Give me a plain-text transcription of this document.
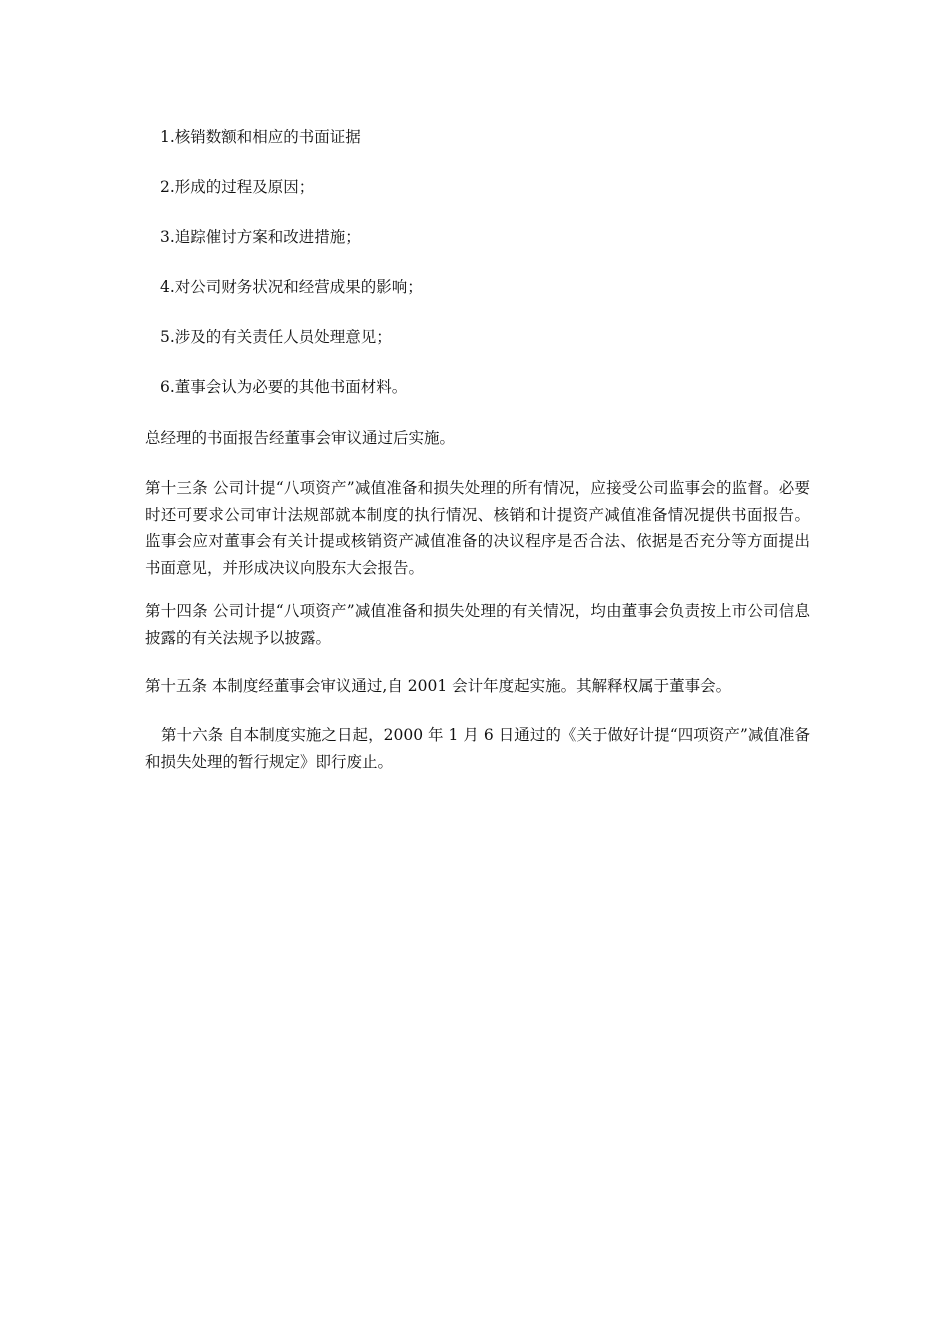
1.核销数额和相应的书面证据
2.形成的过程及原因；
3.追踪催讨方案和改进措施；
4.对公司财务状况和经营成果的影响；
5.涉及的有关责任人员处理意见；
6.董事会认为必要的其他书面材料。
总经理的书面报告经董事会审议通过后实施。
第十三条 公司计提“八项资产”减值准备和损失处理的所有情况，应接受公司监事会的监督。必要时还可要求公司审计法规部就本制度的执行情况、核销和计提资产减值准备情况提供书面报告。监事会应对董事会有关计提或核销资产减值准备的决议程序是否合法、依据是否充分等方面提出书面意见，并形成决议向股东大会报告。
第十四条 公司计提“八项资产”减值准备和损失处理的有关情况，均由董事会负责按上市公司信息披露的有关法规予以披露。
第十五条 本制度经董事会审议通过,自 2001 会计年度起实施。其解释权属于董事会。
第十六条 自本制度实施之日起，2000 年 1 月 6 日通过的《关于做好计提“四项资产”减值准备和损失处理的暂行规定》即行废止。
